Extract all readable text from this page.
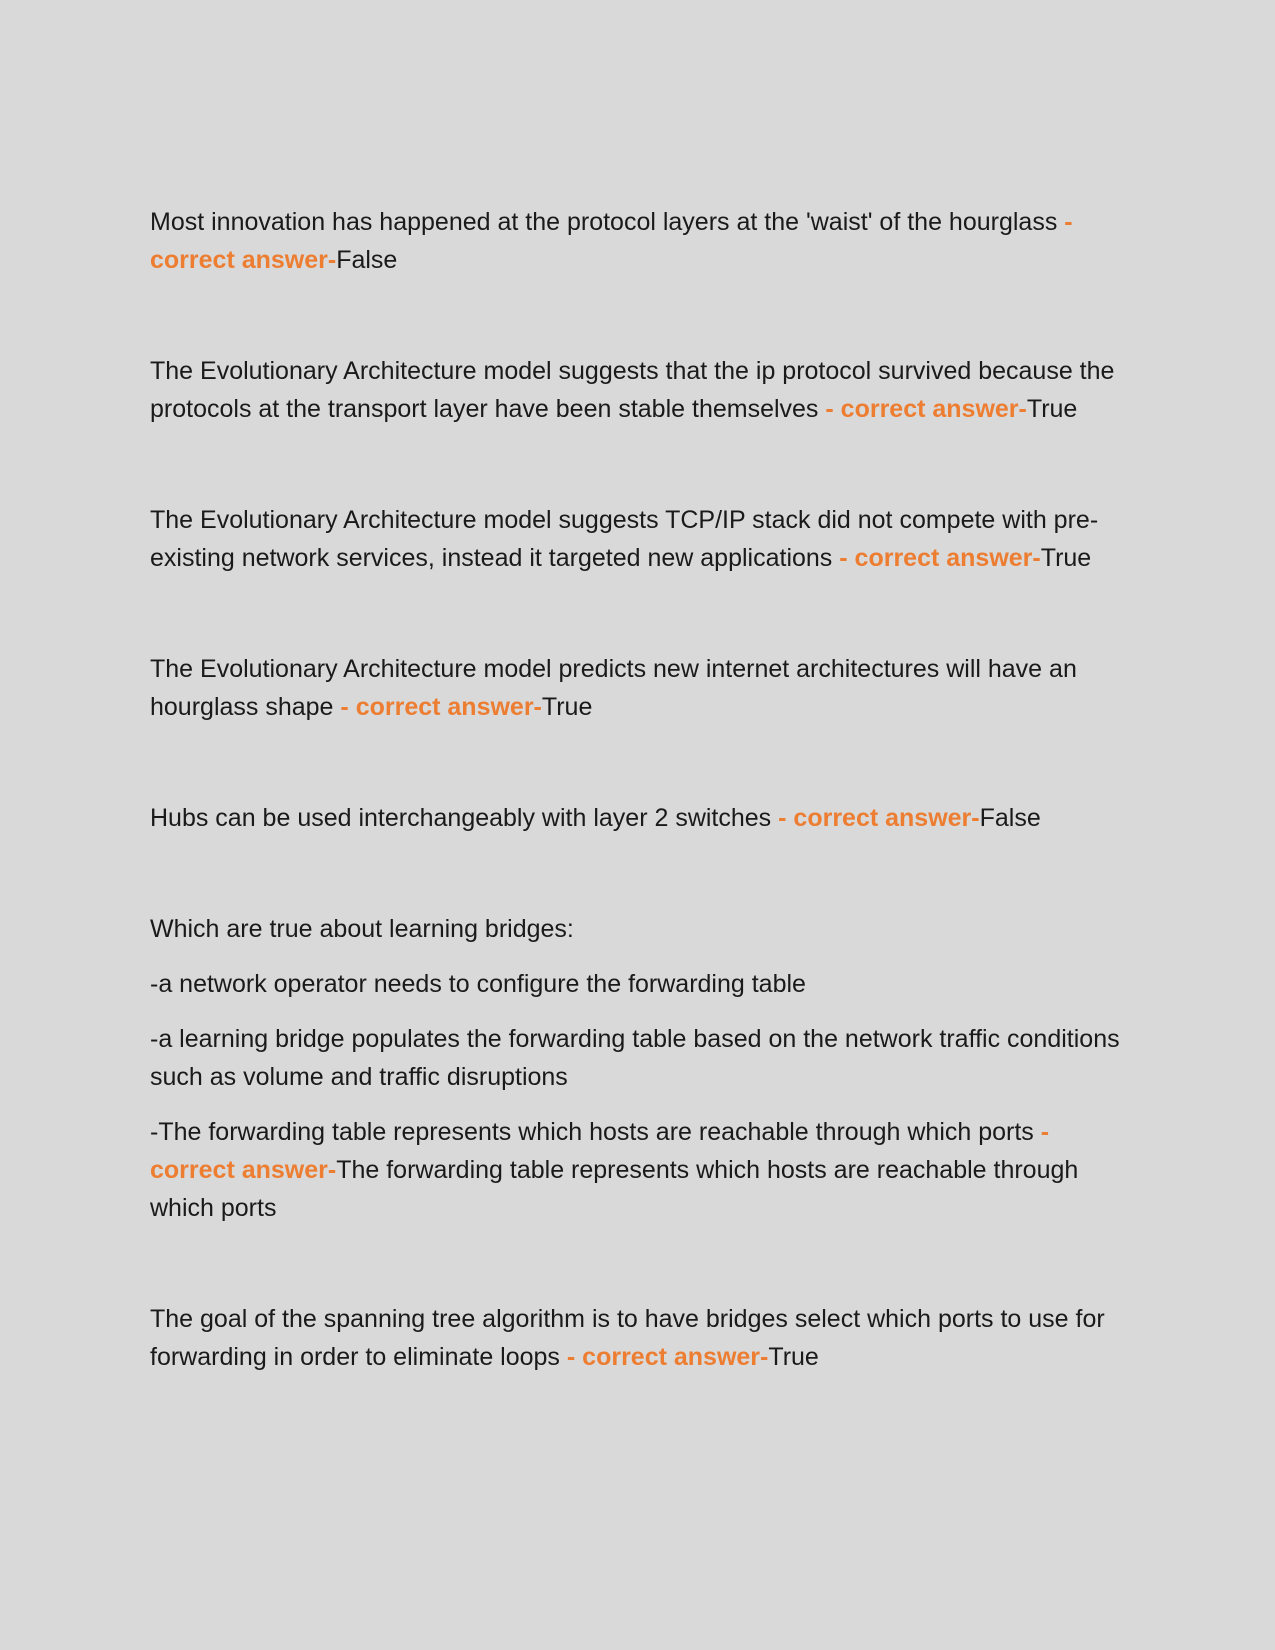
Most innovation has happened at the protocol layers at the 'waist' of the hourglass - correct answer-False

The Evolutionary Architecture model suggests that the ip protocol survived because the protocols at the transport layer have been stable themselves - correct answer-True

The Evolutionary Architecture model suggests TCP/IP stack did not compete with pre-existing network services, instead it targeted new applications - correct answer-True

The Evolutionary Architecture model predicts new internet architectures will have an hourglass shape - correct answer-True

Hubs can be used interchangeably with layer 2 switches - correct answer-False

Which are true about learning bridges:

-a network operator needs to configure the forwarding table

-a learning bridge populates the forwarding table based on the network traffic conditions such as volume and traffic disruptions

-The forwarding table represents which hosts are reachable through which ports - correct answer-The forwarding table represents which hosts are reachable through which ports

The goal of the spanning tree algorithm is to have bridges select which ports to use for forwarding in order to eliminate loops - correct answer-True
